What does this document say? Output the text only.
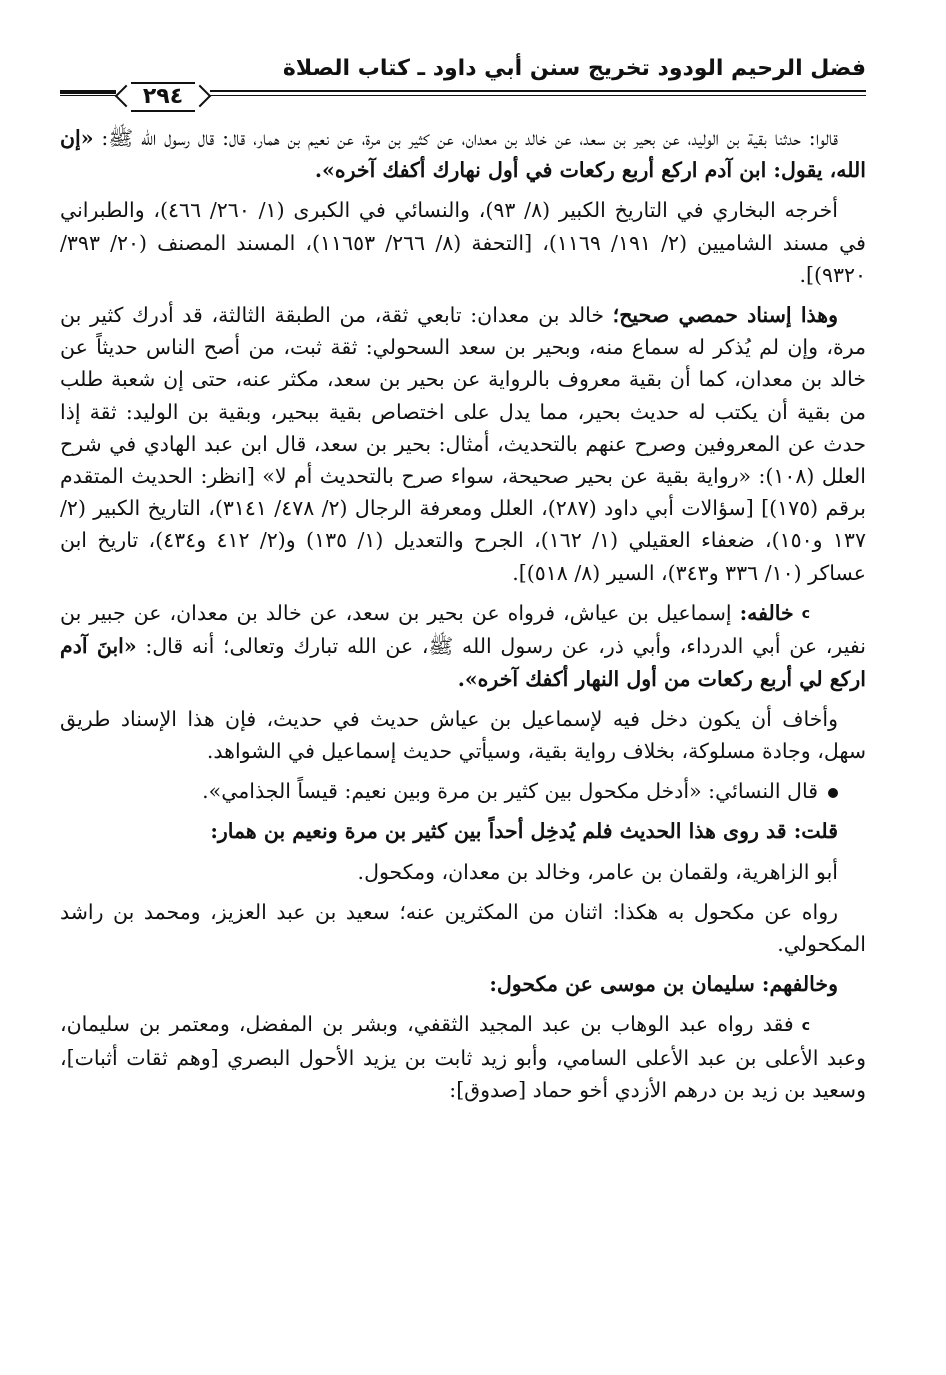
فضل الرحيم الودود تخريج سنن أبي داود ـ كتاب الصلاة
٢٩٤

قالوا: حدثنا بقية بن الوليد، عن بحير بن سعد، عن خالد بن معدان، عن كثير بن مرة، عن نعيم بن همار، قال: قال رسول الله ﷺ: «إن الله، يقول: ابن آدم اركع أربع ركعات في أول نهارك أكفك آخره».

أخرجه البخاري في التاريخ الكبير (٨/ ٩٣)، والنسائي في الكبرى (١/ ٢٦٠/ ٤٦٦)، والطبراني في مسند الشاميين (٢/ ١٩١/ ١١٦٩)، [التحفة (٨/ ٢٦٦/ ١١٦٥٣)، المسند المصنف (٢٠/ ٣٩٣/ ٩٣٢٠)].

وهذا إسناد حمصي صحيح؛ خالد بن معدان: تابعي ثقة، من الطبقة الثالثة، قد أدرك كثير بن مرة، وإن لم يُذكر له سماع منه، وبحير بن سعد السحولي: ثقة ثبت، من أصح الناس حديثاً عن خالد بن معدان، كما أن بقية معروف بالرواية عن بحير بن سعد، مكثر عنه، حتى إن شعبة طلب من بقية أن يكتب له حديث بحير، مما يدل على اختصاص بقية ببحير، وبقية بن الوليد: ثقة إذا حدث عن المعروفين وصرح عنهم بالتحديث، أمثال: بحير بن سعد، قال ابن عبد الهادي في شرح العلل (١٠٨): «رواية بقية عن بحير صحيحة، سواء صرح بالتحديث أم لا» [انظر: الحديث المتقدم برقم (١٧٥)] [سؤالات أبي داود (٢٨٧)، العلل ومعرفة الرجال (٢/ ٤٧٨/ ٣١٤١)، التاريخ الكبير (٢/ ١٣٧ و١٥٠)، ضعفاء العقيلي (١/ ١٦٢)، الجرح والتعديل (١/ ١٣٥) و(٢/ ٤١٢ و٤٣٤)، تاريخ ابن عساكر (١٠/ ٣٣٦ و٣٤٣)، السير (٨/ ٥١٨)].

ⅽخالفه: إسماعيل بن عياش، فرواه عن بحير بن سعد، عن خالد بن معدان، عن جبير بن نفير، عن أبي الدرداء، وأبي ذر، عن رسول الله ﷺ، عن الله تبارك وتعالى؛ أنه قال: «ابنَ آدم اركع لي أربع ركعات من أول النهار أكفك آخره».

وأخاف أن يكون دخل فيه لإسماعيل بن عياش حديث في حديث، فإن هذا الإسناد طريق سهل، وجادة مسلوكة، بخلاف رواية بقية، وسيأتي حديث إسماعيل في الشواهد.

قال النسائي: «أدخل مكحول بين كثير بن مرة وبين نعيم: قيساً الجذامي».

قلت: قد روى هذا الحديث فلم يُدخِل أحداً بين كثير بن مرة ونعيم بن همار:

أبو الزاهرية، ولقمان بن عامر، وخالد بن معدان، ومكحول.

رواه عن مكحول به هكذا: اثنان من المكثرين عنه؛ سعيد بن عبد العزيز، ومحمد بن راشد المكحولي.

وخالفهم: سليمان بن موسى عن مكحول:

ⅽفقد رواه عبد الوهاب بن عبد المجيد الثقفي، وبشر بن المفضل، ومعتمر بن سليمان، وعبد الأعلى بن عبد الأعلى السامي، وأبو زيد ثابت بن يزيد الأحول البصري [وهم ثقات أثبات]، وسعيد بن زيد بن درهم الأزدي أخو حماد [صدوق]:
